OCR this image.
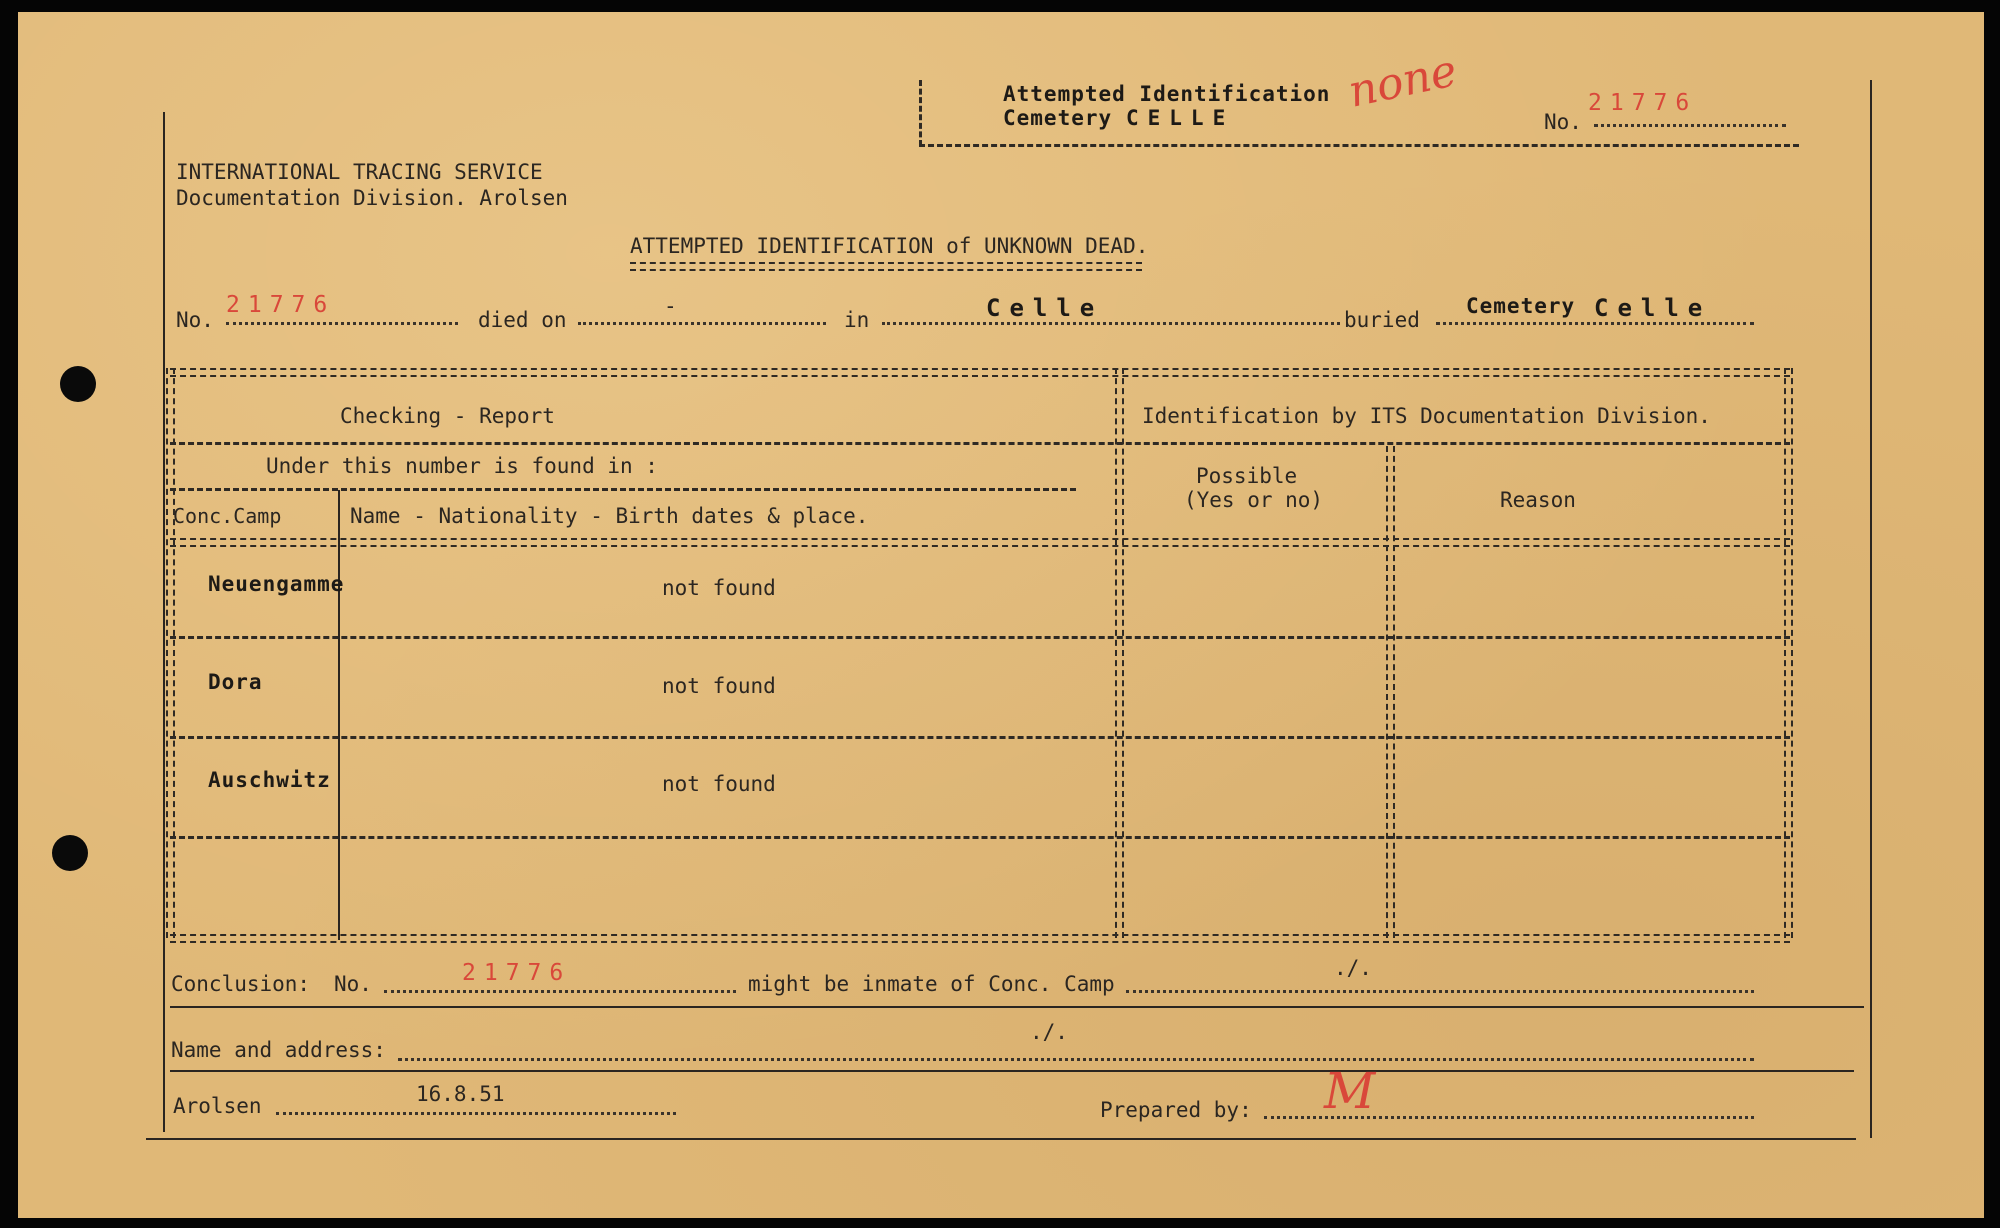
Attempted Identification
Cemetery CELLE
none
No.
21776
INTERNATIONAL TRACING SERVICE
Documentation Division. Arolsen
ATTEMPTED IDENTIFICATION of UNKNOWN DEAD.
No.
21776
died on
-
in	Celle	buried
Cemetery Celle
Checking - Report	Identification by ITS Documentation Division.
Under this number is found in :
Conc.Camp	Name - Nationality - Birth dates & place.
Possible
(Yes or no)	Reason
Neuengamme	not found
Dora	not found
Auschwitz	not found
Conclusion: No.	21776	might be inmate of Conc. Camp
./.
Name and address:
./.
Arolsen	16.8.51
Prepared by: M
